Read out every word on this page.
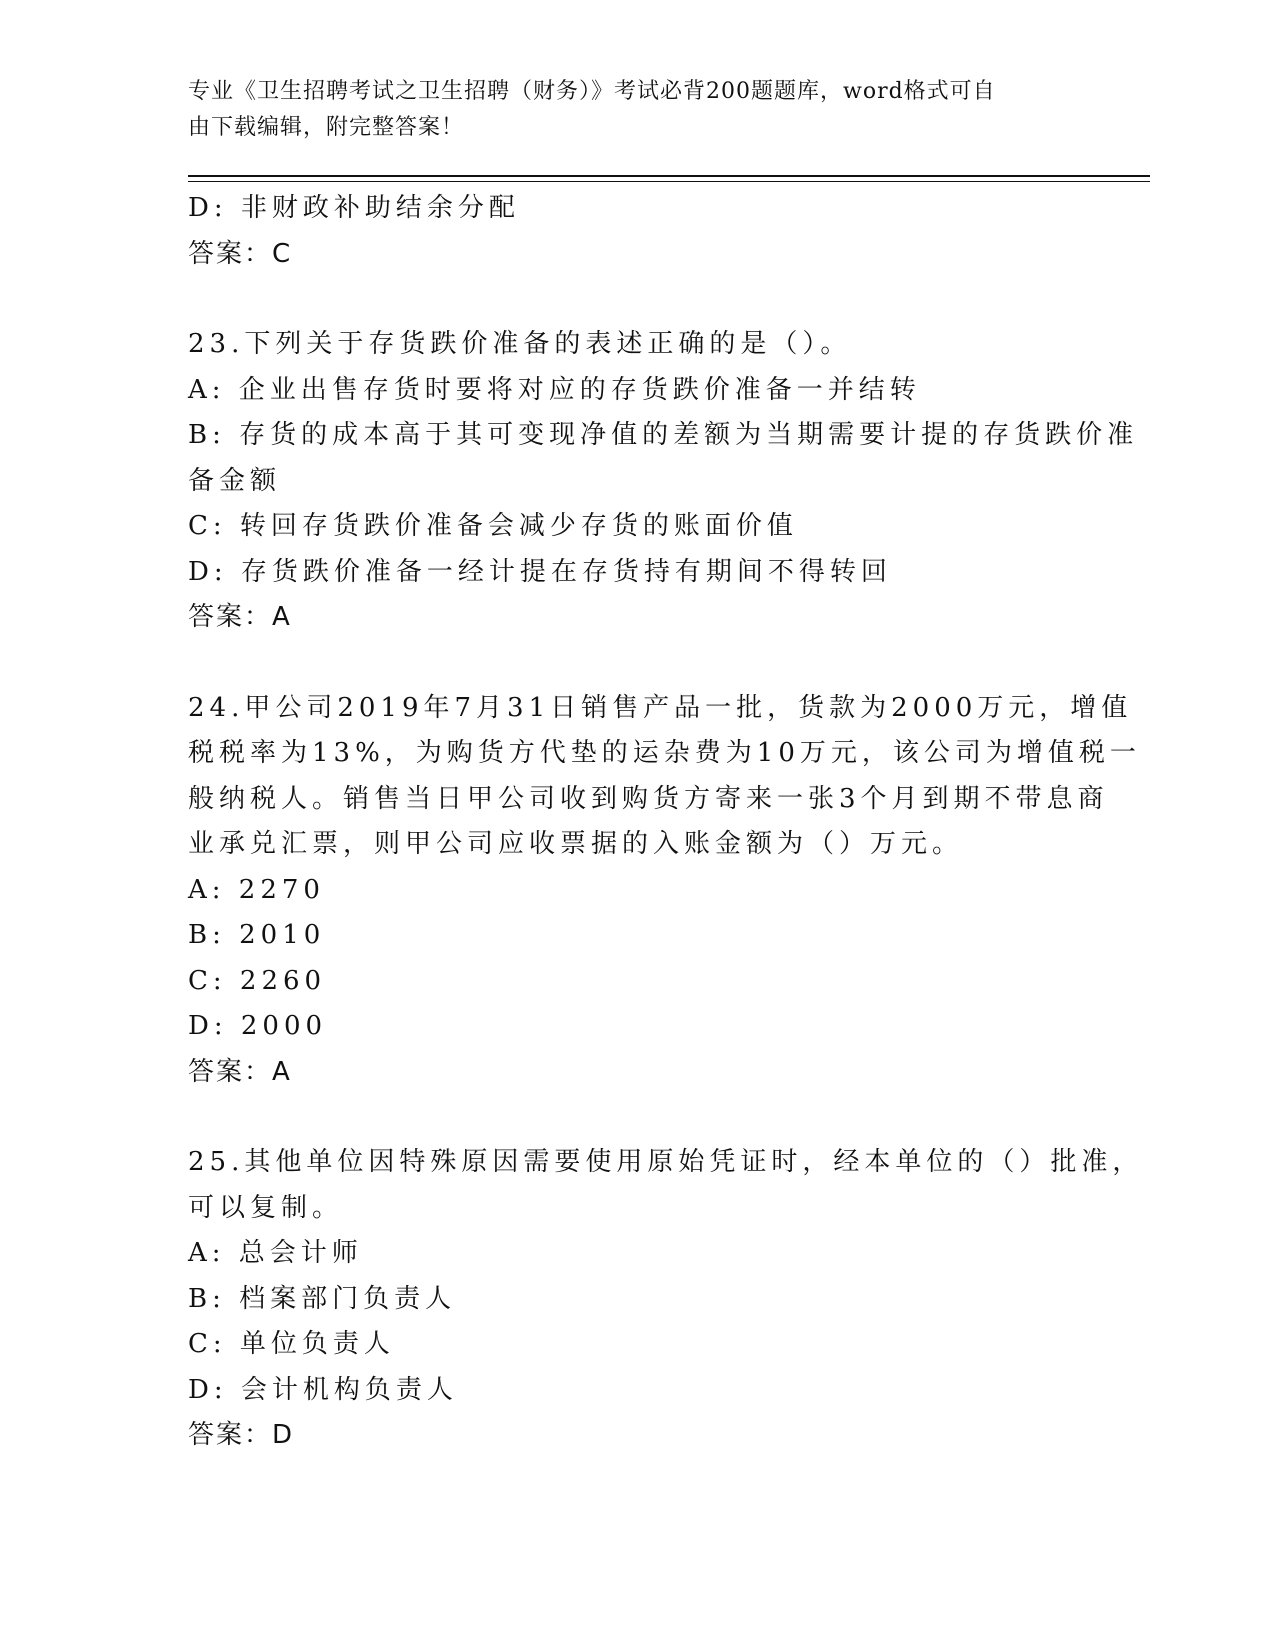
专业《卫生招聘考试之卫生招聘（财务）》考试必背200题题库，word格式可自
由下载编辑，附完整答案！
D: 非财政补助结余分配
答案：C
23.下列关于存货跌价准备的表述正确的是（）。
A: 企业出售存货时要将对应的存货跌价准备一并结转
B: 存货的成本高于其可变现净值的差额为当期需要计提的存货跌价准
备金额
C: 转回存货跌价准备会减少存货的账面价值
D: 存货跌价准备一经计提在存货持有期间不得转回
答案：A
24.甲公司2019年7月31日销售产品一批，货款为2000万元，增值
税税率为13%，为购货方代垫的运杂费为10万元，该公司为增值税一
般纳税人。销售当日甲公司收到购货方寄来一张3个月到期不带息商
业承兑汇票，则甲公司应收票据的入账金额为（）万元。
A: 2270
B: 2010
C: 2260
D: 2000
答案：A
25.其他单位因特殊原因需要使用原始凭证时，经本单位的（）批准，
可以复制。
A: 总会计师
B: 档案部门负责人
C: 单位负责人
D: 会计机构负责人
答案：D
